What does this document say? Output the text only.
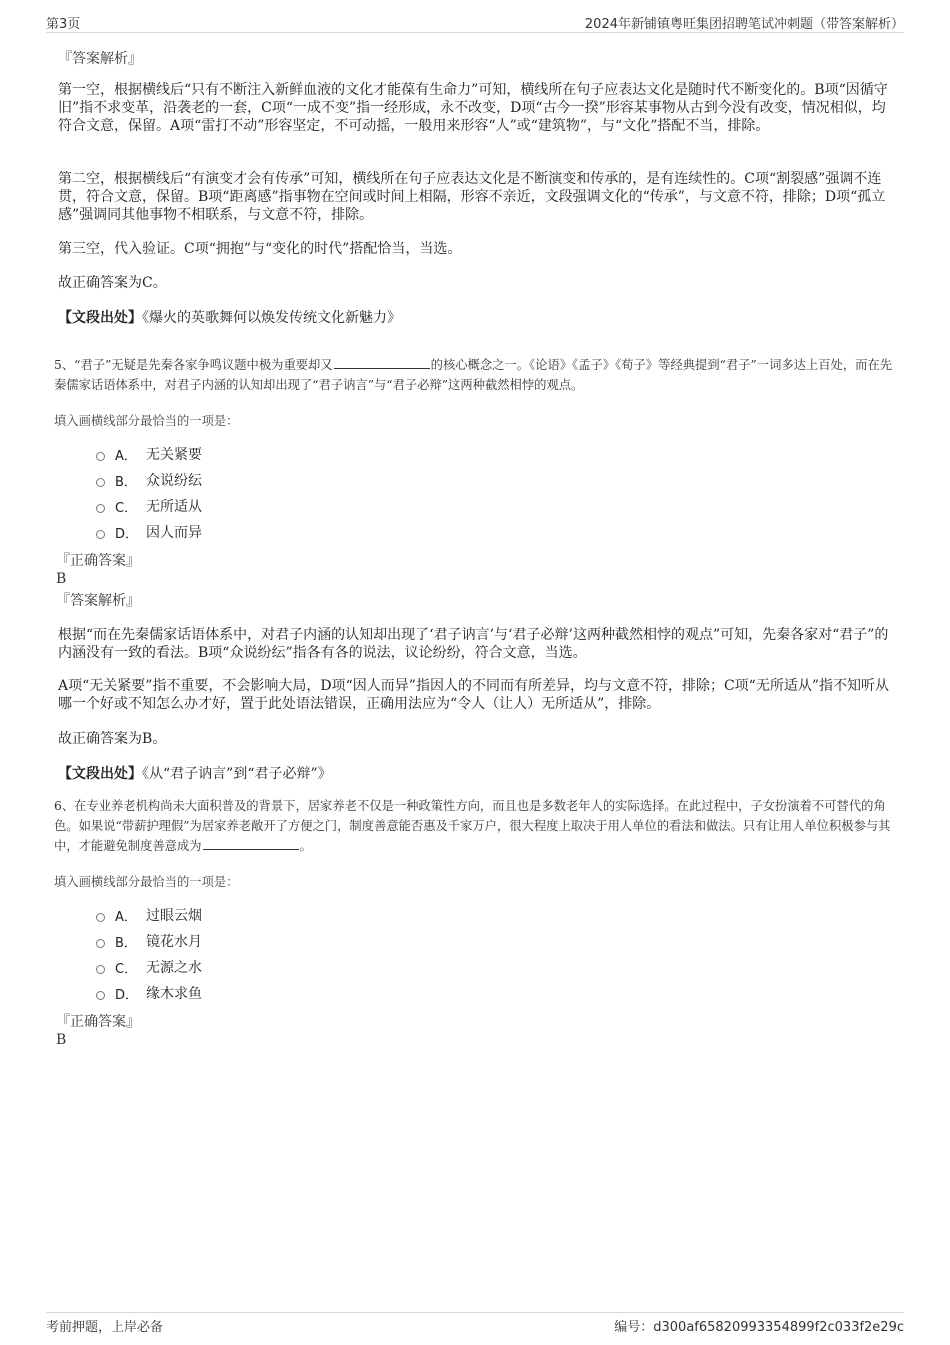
第3页	2024年新铺镇粤旺集团招聘笔试冲刺题（带答案解析）
『答案解析』
第一空，根据横线后“只有不断注入新鲜血液的文化才能葆有生命力”可知，横线所在句子应表达文化是随时代不断变化的。B项“因循守旧”指不求变革，沿袭老的一套，C项“一成不变”指一经形成，永不改变，D项“古今一揆”形容某事物从古到今没有改变，情况相似，均符合文意，保留。A项“雷打不动”形容坚定，不可动摇，一般用来形容“人”或“建筑物”，与“文化”搭配不当，排除。
第二空，根据横线后“有演变才会有传承”可知，横线所在句子应表达文化是不断演变和传承的，是有连续性的。C项“割裂感”强调不连贯，符合文意，保留。B项“距离感”指事物在空间或时间上相隔，形容不亲近，文段强调文化的“传承”，与文意不符，排除；D项“孤立感”强调同其他事物不相联系，与文意不符，排除。
第三空，代入验证。C项“拥抱”与“变化的时代”搭配恰当，当选。
故正确答案为C。
【文段出处】《爆火的英歌舞何以焕发传统文化新魅力》
5、“君子”无疑是先秦各家争鸣议题中极为重要却又	的核心概念之一。《论语》《孟子》《荀子》等经典提到“君子”一词多达上百处，而在先秦儒家话语体系中，对君子内涵的认知却出现了“君子讷言”与“君子必辩”这两种截然相悖的观点。
填入画横线部分最恰当的一项是：
A． 无关紧要
B． 众说纷纭
C． 无所适从
D． 因人而异
『正确答案』
B
『答案解析』
根据“而在先秦儒家话语体系中，对君子内涵的认知却出现了‘君子讷言’与‘君子必辩’这两种截然相悖的观点”可知，先秦各家对“君子”的内涵没有一致的看法。B项“众说纷纭”指各有各的说法，议论纷纷，符合文意，当选。
A项“无关紧要”指不重要，不会影响大局，D项“因人而异”指因人的不同而有所差异，均与文意不符，排除；C项“无所适从”指不知听从哪一个好或不知怎么办才好，置于此处语法错误，正确用法应为“令人（让人）无所适从”，排除。
故正确答案为B。
【文段出处】《从“君子讷言”到“君子必辩”》
6、在专业养老机构尚未大面积普及的背景下，居家养老不仅是一种政策性方向，而且也是多数老年人的实际选择。在此过程中，子女扮演着不可替代的角色。如果说“带薪护理假”为居家养老敞开了方便之门，制度善意能否惠及千家万户，很大程度上取决于用人单位的看法和做法。只有让用人单位积极参与其中，才能避免制度善意成为	。
填入画横线部分最恰当的一项是：
A． 过眼云烟
B． 镜花水月
C． 无源之水
D． 缘木求鱼
『正确答案』
B
考前押题，上岸必备	编号：d300af65820993354899f2c033f2e29c
